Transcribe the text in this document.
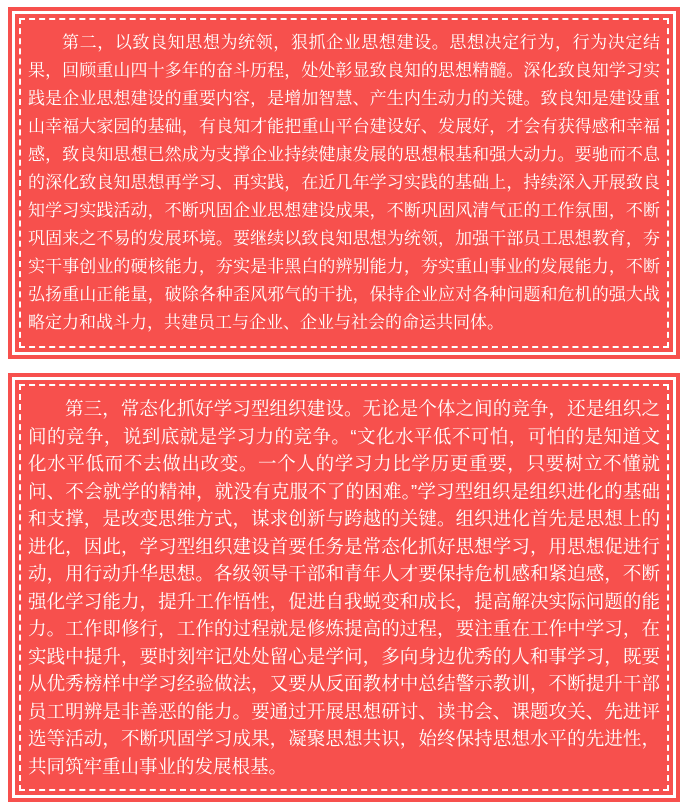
第二，以致良知思想为统领，狠抓企业思想建设。思想决定行为，行为决定结果，回顾重山四十多年的奋斗历程，处处彰显致良知的思想精髓。深化致良知学习实践是企业思想建设的重要内容，是增加智慧、产生内生动力的关键。致良知是建设重山幸福大家园的基础，有良知才能把重山平台建设好、发展好，才会有获得感和幸福感，致良知思想已然成为支撑企业持续健康发展的思想根基和强大动力。要驰而不息的深化致良知思想再学习、再实践，在近几年学习实践的基础上，持续深入开展致良知学习实践活动，不断巩固企业思想建设成果，不断巩固风清气正的工作氛围，不断巩固来之不易的发展环境。要继续以致良知思想为统领，加强干部员工思想教育，夯实干事创业的硬核能力，夯实是非黑白的辨别能力，夯实重山事业的发展能力，不断弘扬重山正能量，破除各种歪风邪气的干扰，保持企业应对各种问题和危机的强大战略定力和战斗力，共建员工与企业、企业与社会的命运共同体。

第三，常态化抓好学习型组织建设。无论是个体之间的竞争，还是组织之间的竞争，说到底就是学习力的竞争。“文化水平低不可怕，可怕的是知道文化水平低而不去做出改变。一个人的学习力比学历更重要，只要树立不懂就问、不会就学的精神，就没有克服不了的困难。”学习型组织是组织进化的基础和支撑，是改变思维方式，谋求创新与跨越的关键。组织进化首先是思想上的进化，因此，学习型组织建设首要任务是常态化抓好思想学习，用思想促进行动，用行动升华思想。各级领导干部和青年人才要保持危机感和紧迫感，不断强化学习能力，提升工作悟性，促进自我蜕变和成长，提高解决实际问题的能力。工作即修行，工作的过程就是修炼提高的过程，要注重在工作中学习，在实践中提升，要时刻牢记处处留心是学问，多向身边优秀的人和事学习，既要从优秀榜样中学习经验做法，又要从反面教材中总结警示教训，不断提升干部员工明辨是非善恶的能力。要通过开展思想研讨、读书会、课题攻关、先进评选等活动，不断巩固学习成果，凝聚思想共识，始终保持思想水平的先进性，共同筑牢重山事业的发展根基。
